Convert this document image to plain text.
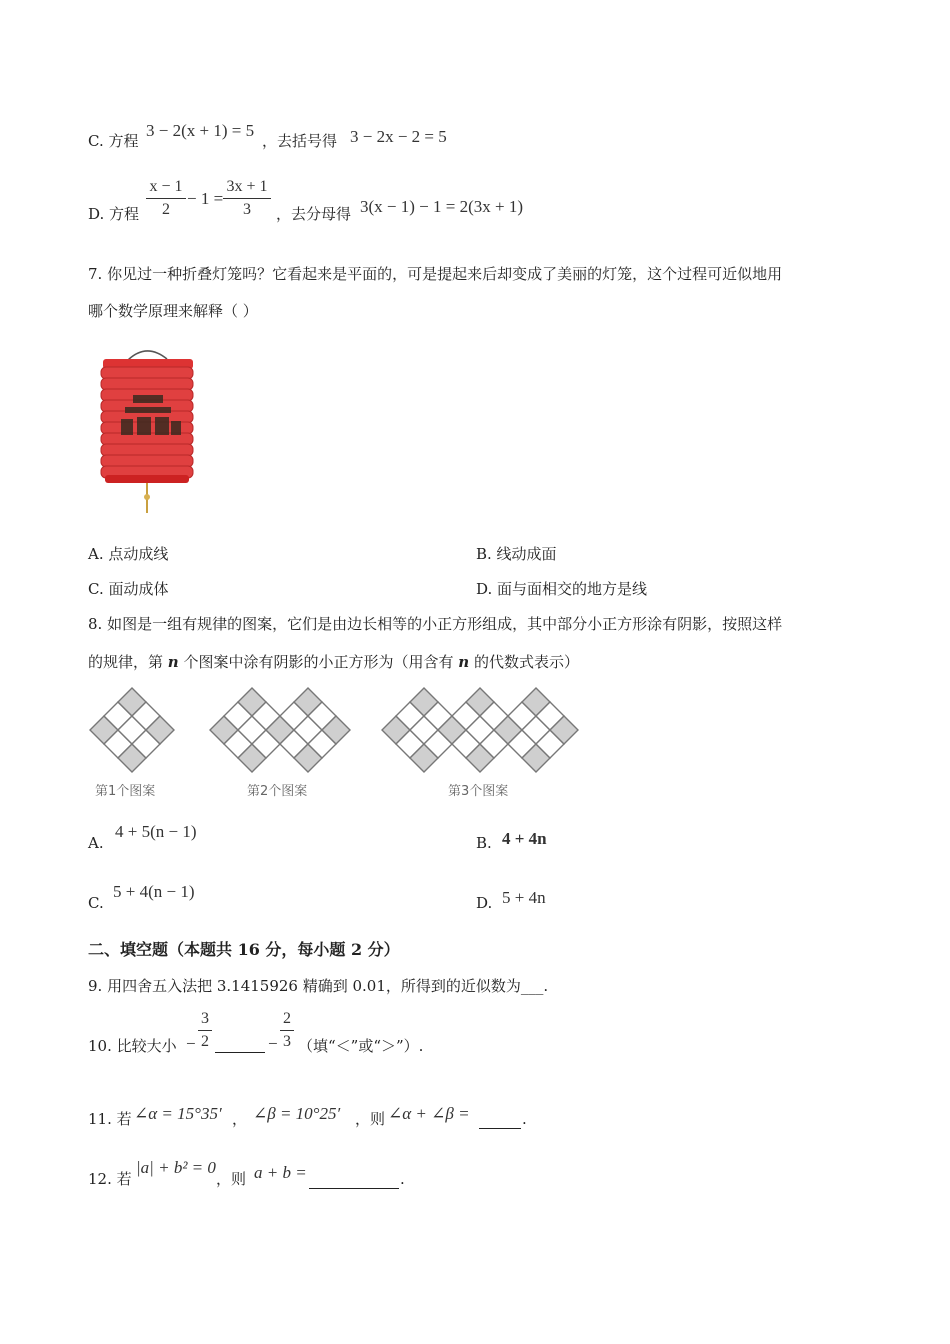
C. 方程
3 − 2(x + 1) = 5
，去括号得 3 − 2x − 2 = 5
D. 方程
x − 1
2
− 1 =
3x + 1
3	，去分母得 3(x − 1) − 1 = 2(3x + 1)
7. 你见过一种折叠灯笼吗？它看起来是平面的，可是提起来后却变成了美丽的灯笼，这个过程可近似地用
哪个数学原理来解释（ ）
A. 点动成线	B. 线动成面
C. 面动成体	D. 面与面相交的地方是线
8. 如图是一组有规律的图案，它们是由边长相等的小正方形组成，其中部分小正方形涂有阴影，按照这样
的规律，第 n 个图案中涂有阴影的小正方形为（用含有 n 的代数式表示）
第1个图案	第2个图案	第3个图案
A.
4 + 5(n − 1)
B. 4 + 4n
C.
5 + 4(n − 1)
D. 5 + 4n
二、填空题（本题共 16 分，每小题 2 分）
9. 用四舍五入法把 3.1415926 精确到 0.01，所得到的近似数为___.
10. 比较大小 −
3
2	−
2
3 （填“＜”或“＞”）.
11. 若 ∠α = 15°35′ ， ∠β = 10°25′ ，则 ∠α + ∠β =	.
12. 若
|a| + b² = 0
，则 a + b =	.
